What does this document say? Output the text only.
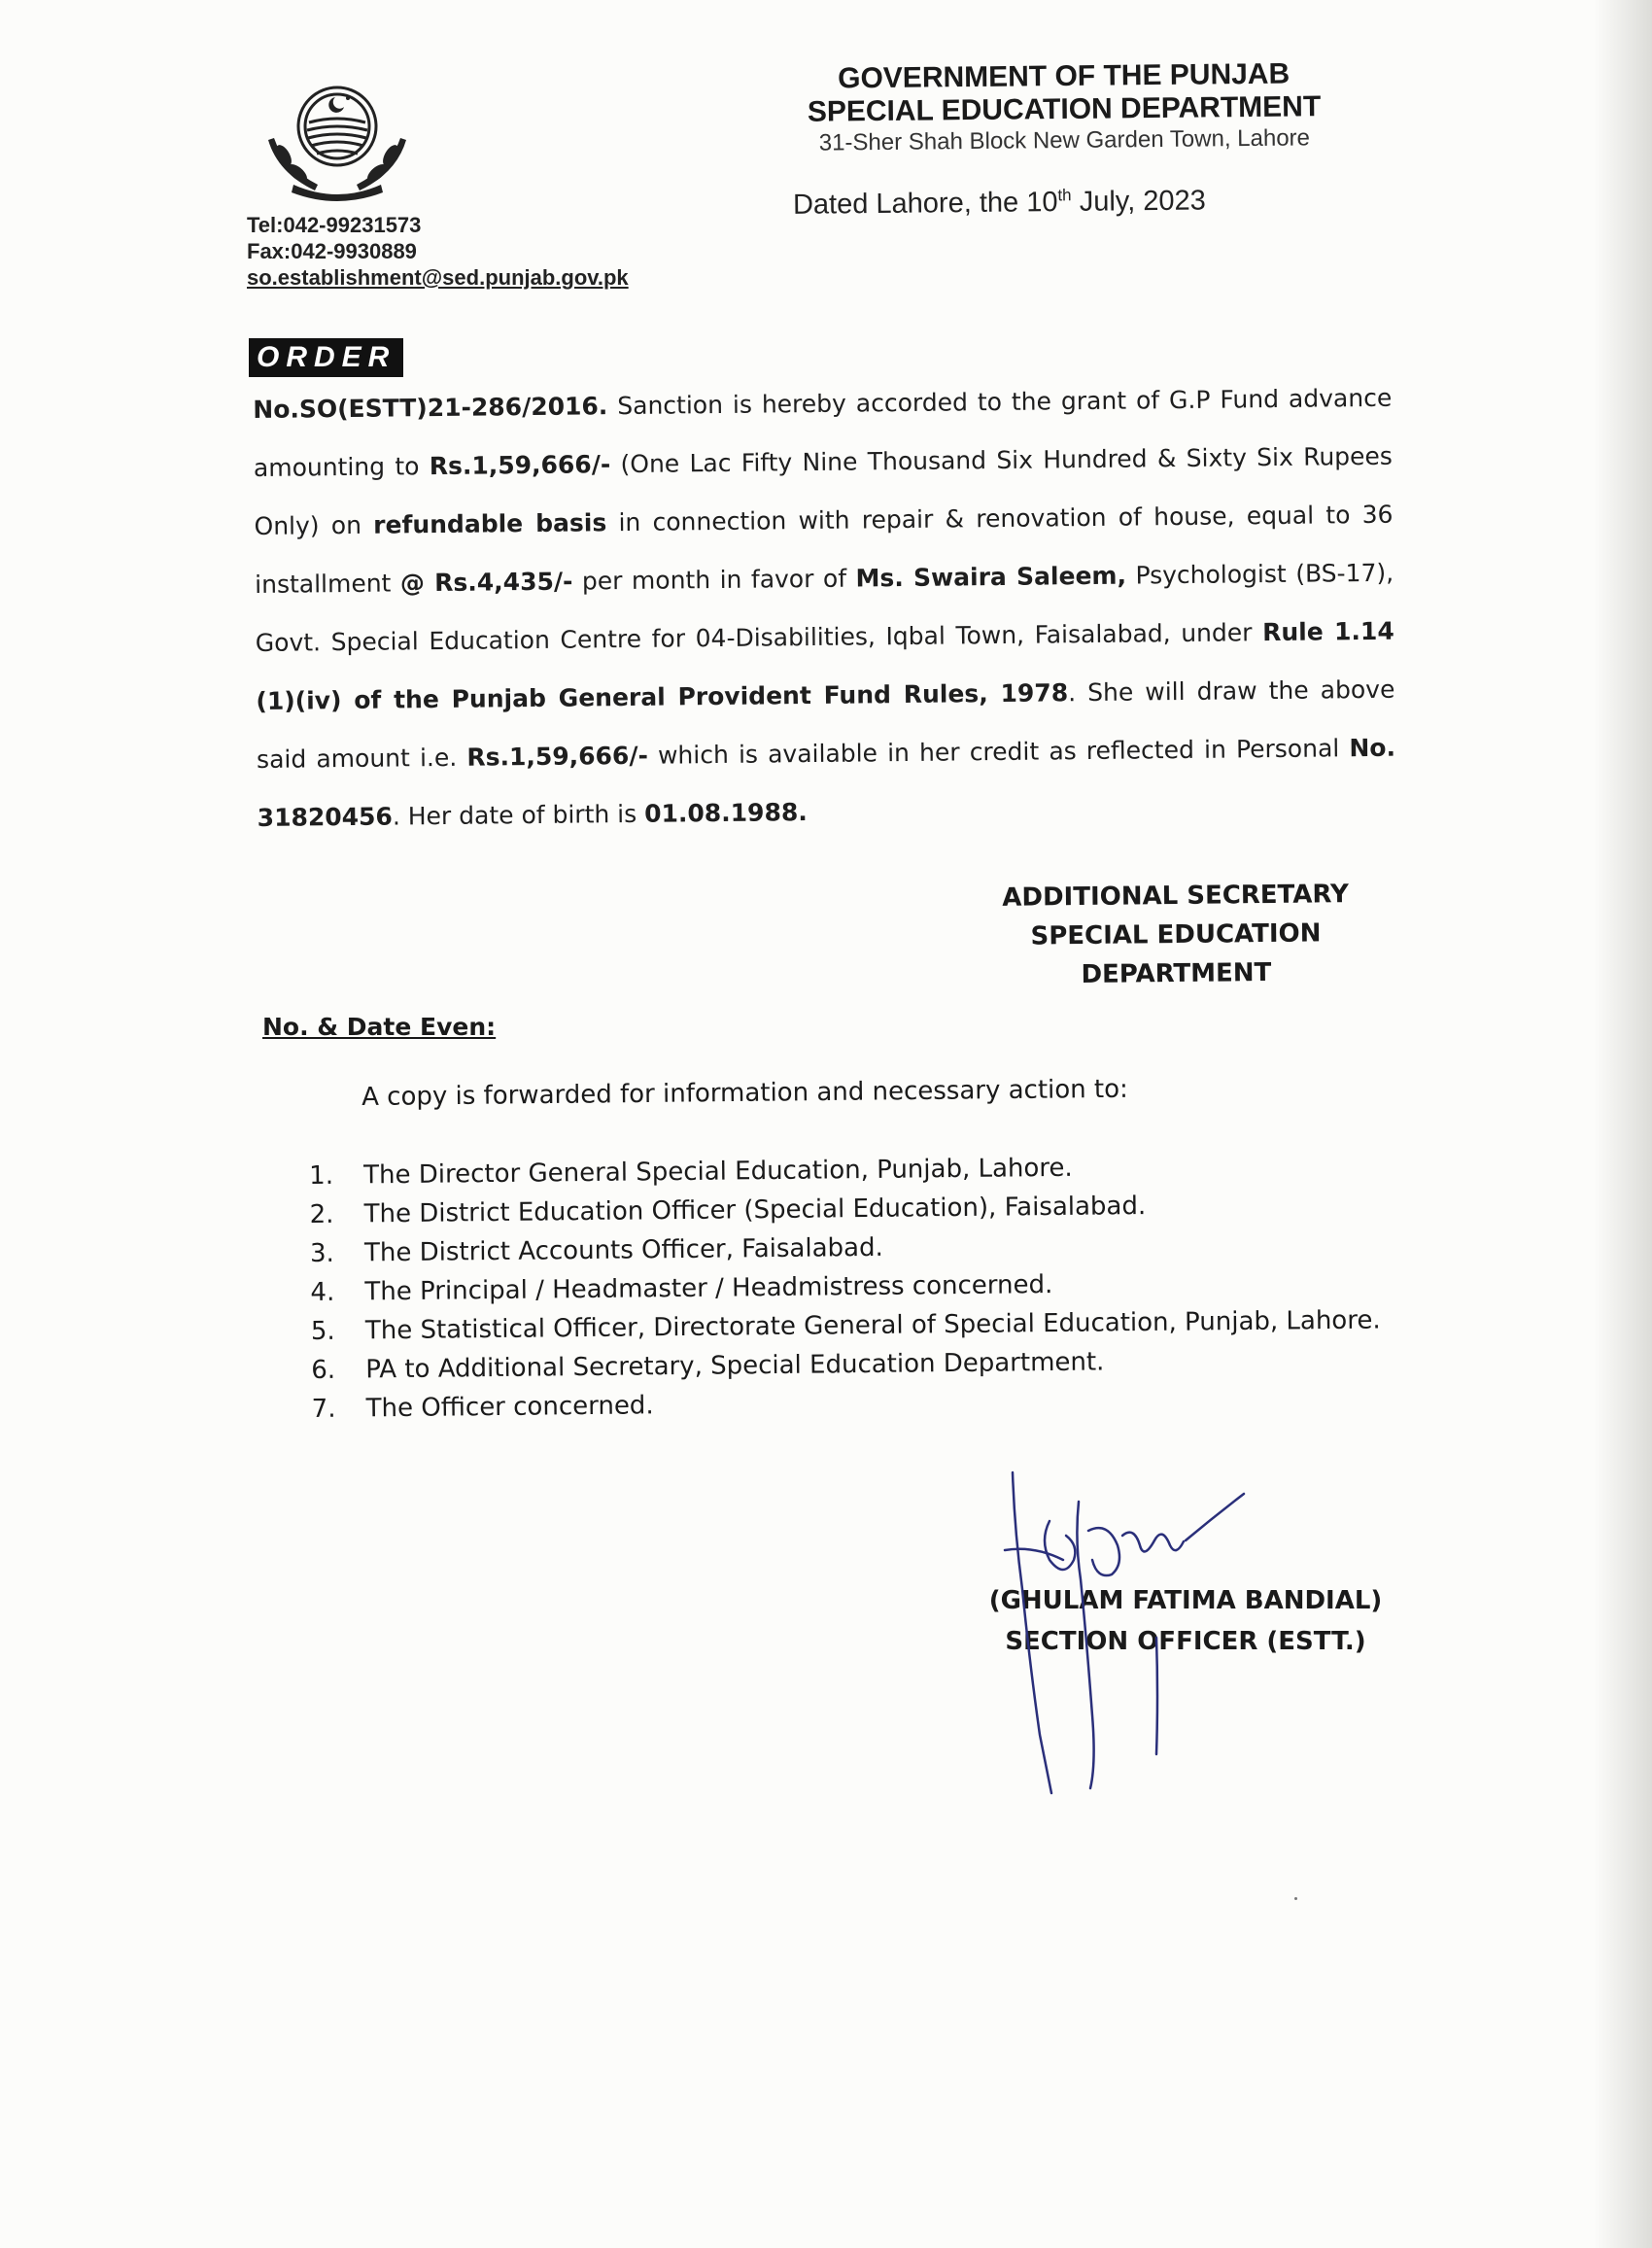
Tel:042-99231573
Fax:042-9930889
so.establishment@sed.punjab.gov.pk
GOVERNMENT OF THE PUNJAB
SPECIAL EDUCATION DEPARTMENT
31-Sher Shah Block New Garden Town, Lahore
Dated Lahore, the 10th July, 2023
ORDER
No.SO(ESTT)21-286/2016. Sanction is hereby accorded to the grant of G.P Fund advance amounting to Rs.1,59,666/- (One Lac Fifty Nine Thousand Six Hundred & Sixty Six Rupees Only) on refundable basis in connection with repair & renovation of house, equal to 36 installment @ Rs.4,435/- per month in favor of Ms. Swaira Saleem, Psychologist (BS-17), Govt. Special Education Centre for 04-Disabilities, Iqbal Town, Faisalabad, under Rule 1.14 (1)(iv) of the Punjab General Provident Fund Rules, 1978. She will draw the above said amount i.e. Rs.1,59,666/- which is available in her credit as reflected in Personal No. 31820456. Her date of birth is 01.08.1988.
ADDITIONAL SECRETARY
SPECIAL EDUCATION
DEPARTMENT
No. & Date Even:
A copy is forwarded for information and necessary action to:
1.	The Director General Special Education, Punjab, Lahore.
2.	The District Education Officer (Special Education), Faisalabad.
3.	The District Accounts Officer, Faisalabad.
4.	The Principal / Headmaster / Headmistress concerned.
5.	The Statistical Officer, Directorate General of Special Education, Punjab, Lahore.
6.	PA to Additional Secretary, Special Education Department.
7.	The Officer concerned.
(GHULAM FATIMA BANDIAL)
SECTION OFFICER (ESTT.)
